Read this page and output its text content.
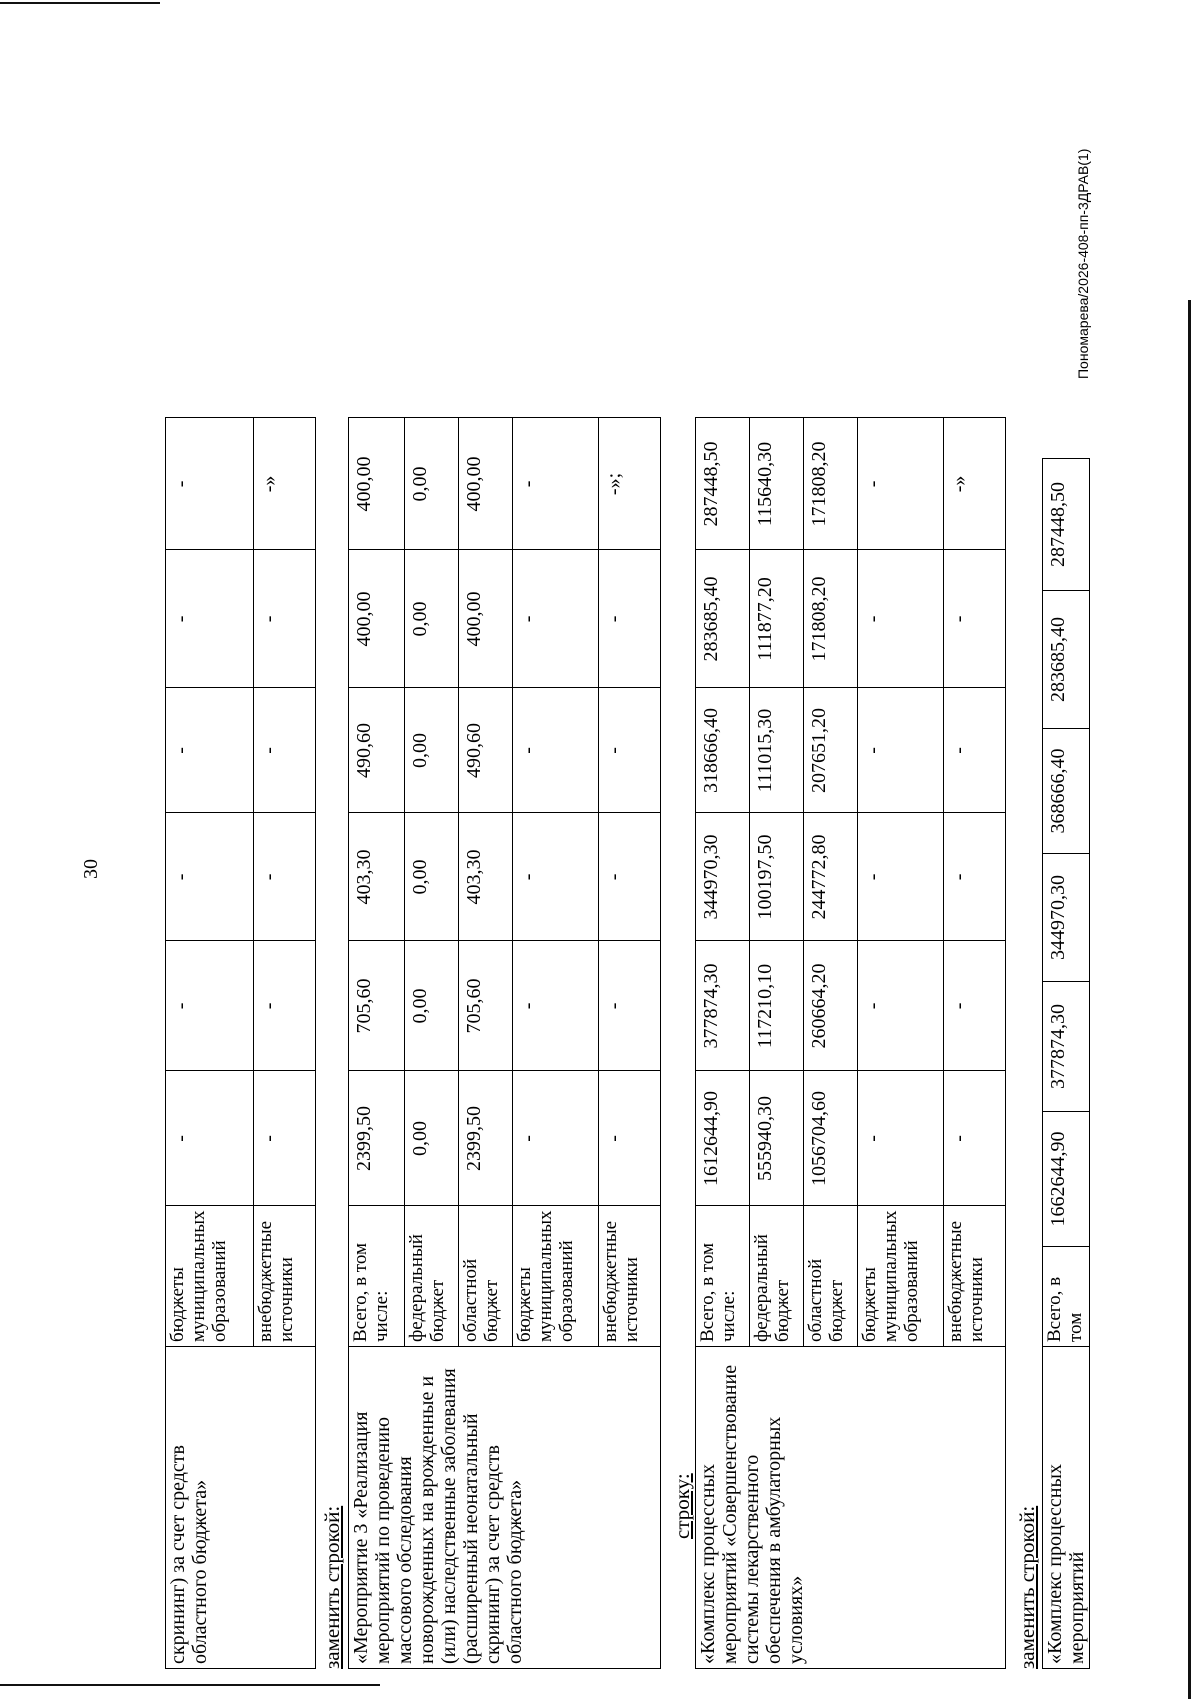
30
скрининг) за счет средств областного бюджета»	бюджеты муниципальных образований	-	-	-	-	-	-
	внебюджетные источники	-	-	-	-	-	-»
заменить строкой: «Мероприятие 3 «Реализация мероприятий по проведению массового обследования новорожденных на врожденные и (или) наследственные заболевания (расширенный неонатальный скрининг) за счет средств областного бюджета»	Всего, в том числе:	2399,50	705,60	403,30	490,60	400,00	400,00
	федеральный бюджет	0,00	0,00	0,00	0,00	0,00	0,00
	областной бюджет	2399,50	705,60	403,30	490,60	400,00	400,00
	бюджеты муниципальных образований	-	-	-	-	-	-
	внебюджетные источники	-	-	-	-	-	-»;
строку: «Комплекс процессных мероприятий «Совершенствование системы лекарственного обеспечения в амбулаторных условиях»	Всего, в том числе:	1612644,90	377874,30	344970,30	318666,40	283685,40	287448,50
	федеральный бюджет	555940,30	117210,10	100197,50	111015,30	111877,20	115640,30
	областной бюджет	1056704,60	260664,20	244772,80	207651,20	171808,20	171808,20
	бюджеты муниципальных образований	-	-	-	-	-	-
	внебюджетные источники	-	-	-	-	-	-»
заменить строкой: «Комплекс процессных мероприятий	Всего, в том	1662644,90	377874,30	344970,30	368666,40	283685,40	287448,50
Пономарева/2026-408-пп-3ДРАВ(1)
